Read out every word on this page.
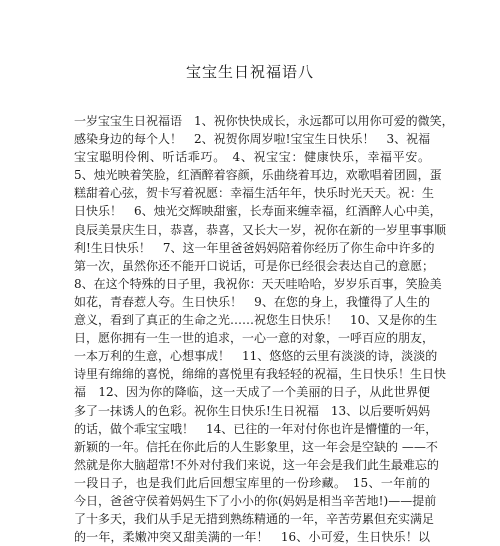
宝宝生日祝福语八
一岁宝宝生日祝福语　1、祝你快快成长，永远都可以用你可爱的微笑，
感染身边的每个人！　2、祝贺你周岁啦!宝宝生日快乐！　3、祝福
宝宝聪明伶俐、听话乖巧。　4、祝宝宝：健康快乐，幸福平安。
5、烛光映着笑脸，红酒醉着容颜，乐曲绕着耳边，欢歌唱着团圆，蛋
糕甜着心弦，贺卡写着祝愿：幸福生活年年，快乐时光天天。祝：生
日快乐！　6、烛光交辉映甜蜜，长寿面来缠幸福，红酒醉人心中美，
良辰美景庆生日，恭喜，恭喜，又长大一岁，祝你在新的一岁里事事顺
利!生日快乐！　7、这一年里爸爸妈妈陪着你经历了你生命中许多的
第一次，虽然你还不能开口说话，可是你已经很会表达自己的意愿；
8、在这个特殊的日子里，我祝你：天天哇哈哈，岁岁乐百事，笑脸美
如花，青春惹人夸。生日快乐！　9、在您的身上，我懂得了人生的
意义，看到了真正的生命之光……祝您生日快乐！　10、又是你的生
日，愿你拥有一生一世的追求，一心一意的对象，一呼百应的朋友，
一本万利的生意，心想事成！　11、悠悠的云里有淡淡的诗，淡淡的
诗里有绵绵的喜悦，绵绵的喜悦里有我轻轻的祝福，生日快乐！生日快
福　12、因为你的降临，这一天成了一个美丽的日子，从此世界便
多了一抹诱人的色彩。祝你生日快乐!生日祝福　13、以后要听妈妈
的话，做个乖宝宝哦！　14、已往的一年对付你也许是懵懂的一年，
新颖的一年。信托在你此后的人生影象里，这一年会是空缺的 ——不
然就是你大脑超常!不外对付我们来说，这一年会是我们此生最难忘的
一段日子，也是我们此后回想宝库里的一份珍藏。　15、一年前的
今日，爸爸守侯着妈妈生下了小小的你(妈妈是相当辛苦地!)——提前
了十多天，我们从手足无措到熟练精通的一年，辛苦劳累但充实满足
的一年，柔嫩冲突又甜美满的一年！　16、小可爱，生日快乐！以
